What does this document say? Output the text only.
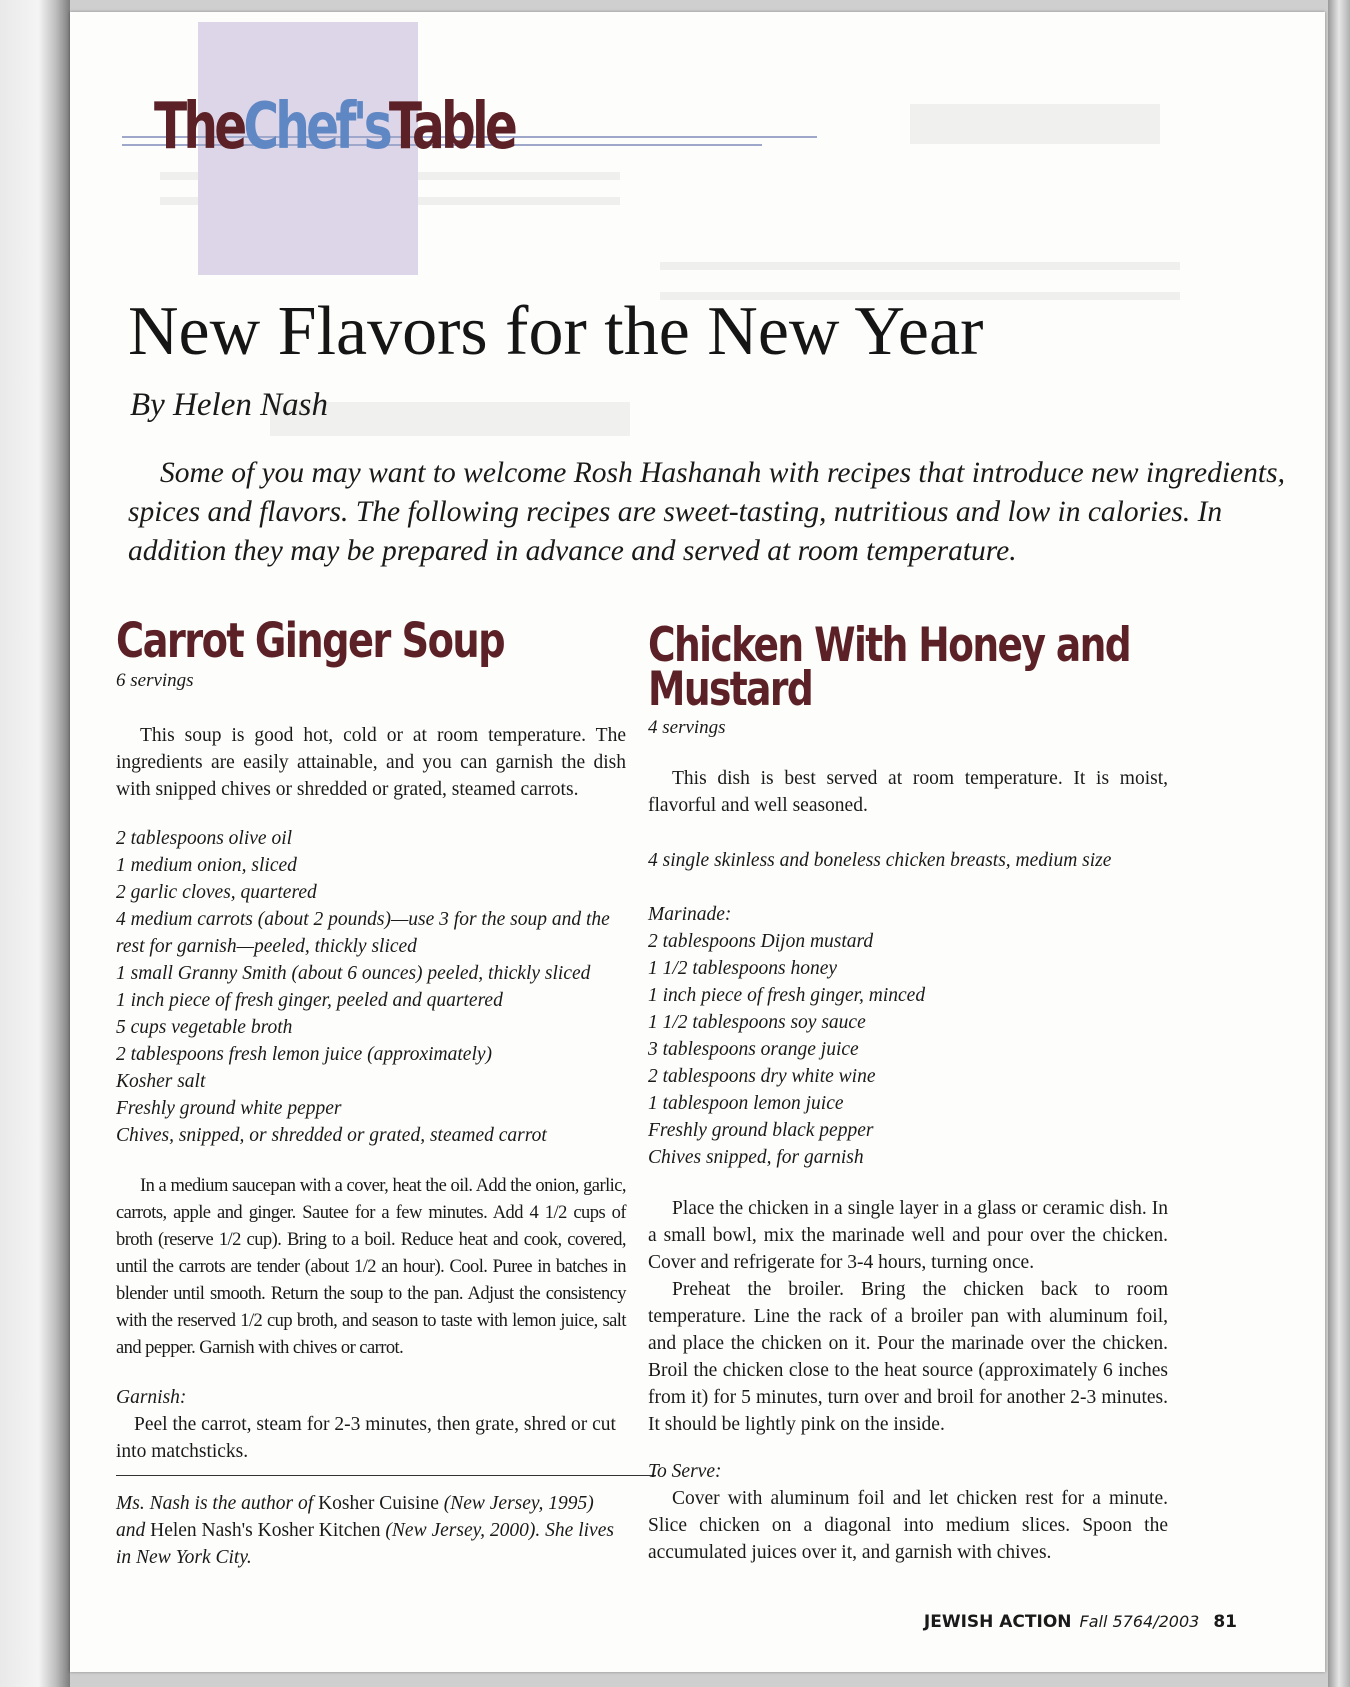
TheChef'sTable
New Flavors for the New Year
By Helen Nash

Some of you may want to welcome Rosh Hashanah with recipes that introduce new ingredients, spices and flavors. The following recipes are sweet-tasting, nutritious and low in calories. In addition they may be prepared in advance and served at room temperature.

Carrot Ginger Soup

6 servings

This soup is good hot, cold or at room temperature. The ingredients are easily attainable, and you can garnish the dish with snipped chives or shredded or grated, steamed carrots.

2 tablespoons olive oil
1 medium onion, sliced
2 garlic cloves, quartered
4 medium carrots (about 2 pounds)—use 3 for the soup and the rest for garnish—peeled, thickly sliced
1 small Granny Smith (about 6 ounces) peeled, thickly sliced
1 inch piece of fresh ginger, peeled and quartered
5 cups vegetable broth
2 tablespoons fresh lemon juice (approximately)
Kosher salt
Freshly ground white pepper
Chives, snipped, or shredded or grated, steamed carrot

In a medium saucepan with a cover, heat the oil. Add the onion, garlic, carrots, apple and ginger. Sautee for a few minutes. Add 4 1/2 cups of broth (reserve 1/2 cup). Bring to a boil. Reduce heat and cook, covered, until the carrots are tender (about 1/2 an hour). Cool. Puree in batches in blender until smooth. Return the soup to the pan. Adjust the consistency with the reserved 1/2 cup broth, and season to taste with lemon juice, salt and pepper. Garnish with chives or carrot.

Garnish:

Peel the carrot, steam for 2-3 minutes, then grate, shred or cut into matchsticks.

Ms. Nash is the author of Kosher Cuisine (New Jersey, 1995) and Helen Nash's Kosher Kitchen (New Jersey, 2000). She lives in New York City.

Chicken With Honey and
Mustard

4 servings

This dish is best served at room temperature. It is moist, flavorful and well seasoned.

4 single skinless and boneless chicken breasts, medium size

Marinade:

2 tablespoons Dijon mustard
1 1/2 tablespoons honey
1 inch piece of fresh ginger, minced
1 1/2 tablespoons soy sauce
3 tablespoons orange juice
2 tablespoons dry white wine
1 tablespoon lemon juice
Freshly ground black pepper
Chives snipped, for garnish

Place the chicken in a single layer in a glass or ceramic dish. In a small bowl, mix the marinade well and pour over the chicken. Cover and refrigerate for 3-4 hours, turning once.

Preheat the broiler. Bring the chicken back to room temperature. Line the rack of a broiler pan with aluminum foil, and place the chicken on it. Pour the marinade over the chicken. Broil the chicken close to the heat source (approximately 6 inches from it) for 5 minutes, turn over and broil for another 2-3 minutes. It should be lightly pink on the inside.

To Serve:

Cover with aluminum foil and let chicken rest for a minute. Slice chicken on a diagonal into medium slices. Spoon the accumulated juices over it, and garnish with chives.

JEWISH ACTION Fall 5764/2003 81
